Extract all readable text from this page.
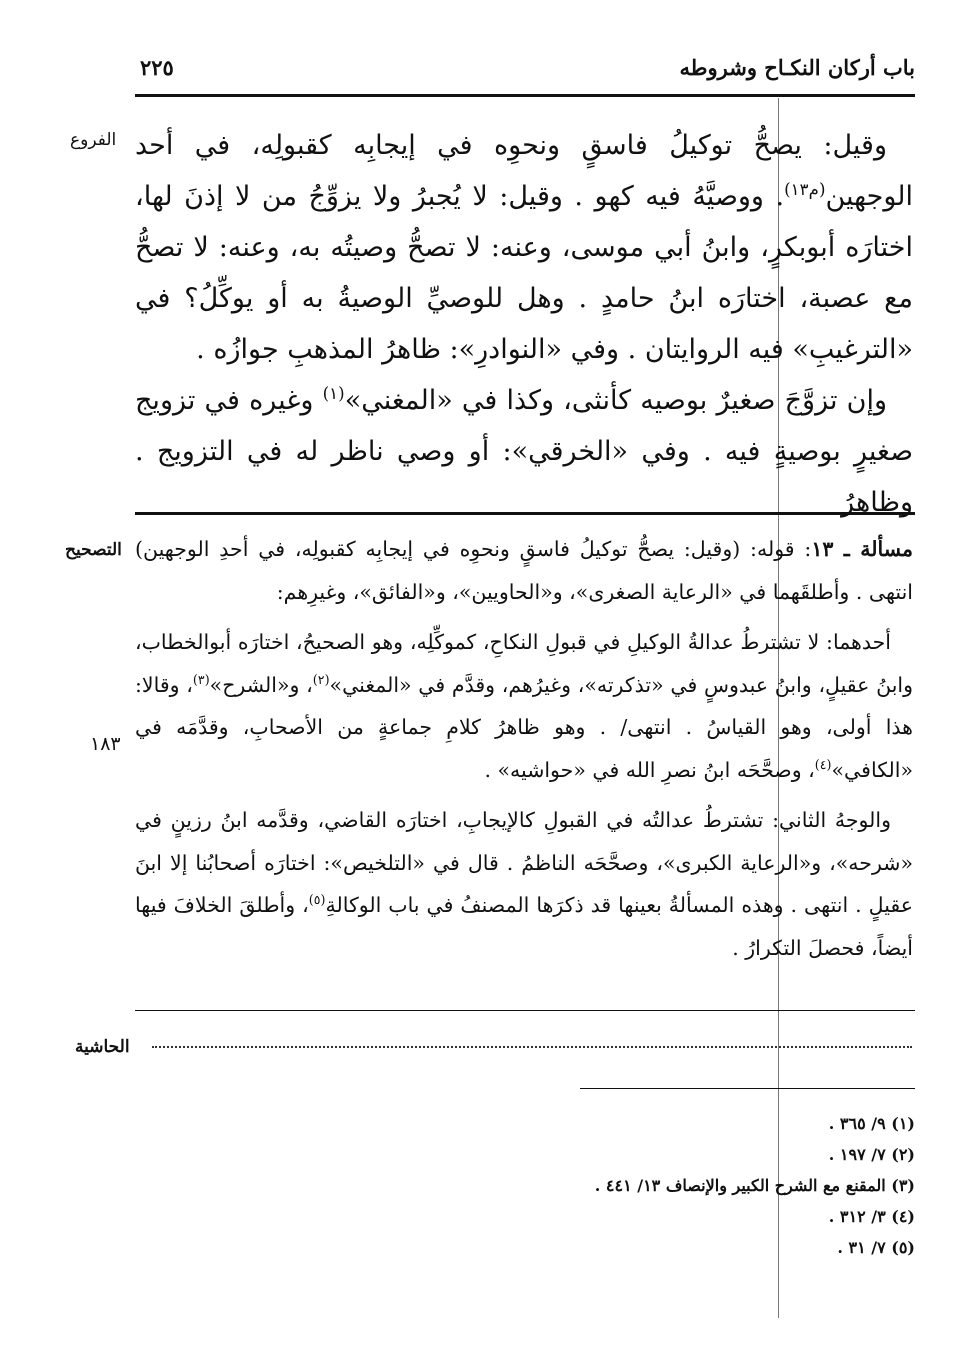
باب أركان النكـاح وشروطه
٢٢٥
الفروع
التصحيح
الحاشية
١٨٣

وقيل: يصحُّ توكيلُ فاسقٍ ونحوِه في إيجابِه كقبولِه، في أحد الوجهين$^{(م١٣)}$. ووصيَّهُ فيه كهو . وقيل: لا يُجبرُ ولا يزوِّجُ من لا إذنَ لها، اختارَه أبوبكرٍ، وابنُ أبي موسى، وعنه: لا تصحُّ وصيتُه به، وعنه: لا تصحُّ مع عصبة، اختارَه ابنُ حامدٍ . وهل للوصيِّ الوصيةُ به أو يوكِّلُ؟ في «الترغيبِ» فيه الروايتان . وفي «النوادرِ»: ظاهرُ المذهبِ جوازُه .

وإن تزوَّجَ صغيرٌ بوصيه كأنثى، وكذا في «المغني»$^{(١)}$ وغيره في تزويج صغيرٍ بوصيةٍ فيه . وفي «الخرقي»: أو وصي ناظر له في التزويج . وظاهرُ

مسألة ـ ١٣: قوله: (وقيل: يصحُّ توكيلُ فاسقٍ ونحوِه في إيجابِه كقبولِه، في أحدِ الوجهين) انتهى . وأطلقَهما في «الرعاية الصغرى»، و«الحاويين»، و«الفائق»، وغيرِهم:

أحدهما: لا تشترطُ عدالةُ الوكيلِ في قبولِ النكاحِ، كموكِّلِه، وهو الصحيحُ، اختارَه أبوالخطاب، وابنُ عقيلٍ، وابنُ عبدوسٍ في «تذكرته»، وغيرُهم، وقدَّم في «المغني»$^{(٢)}$، و«الشرح»$^{(٣)}$، وقالا: هذا أولى، وهو القياسُ . انتهى/ . وهو ظاهرُ كلامِ جماعةٍ من الأصحابِ، وقدَّمَه في «الكافي»$^{(٤)}$، وصحَّحَه ابنُ نصرِ الله في «حواشيه» .

والوجهُ الثاني: تشترطُ عدالتُه في القبولِ كالإيجابِ، اختارَه القاضي، وقدَّمه ابنُ رزينٍ في «شرحه»، و«الرعاية الكبرى»، وصحَّحَه الناظمُ . قال في «التلخيص»: اختارَه أصحابُنا إلا ابنَ عقيلٍ . انتهى . وهذه المسألةُ بعينها قد ذكرَها المصنفُ في باب الوكالةِ$^{(٥)}$، وأطلقَ الخلافَ فيها أيضاً، فحصلَ التكرارُ .

(١) ٩/ ٣٦٥ .
(٢) ٧/ ١٩٧ .
(٣) المقنع مع الشرح الكبير والإنصاف ١٣/ ٤٤١ .
(٤) ٣/ ٣١٢ .
(٥) ٧/ ٣١ .
